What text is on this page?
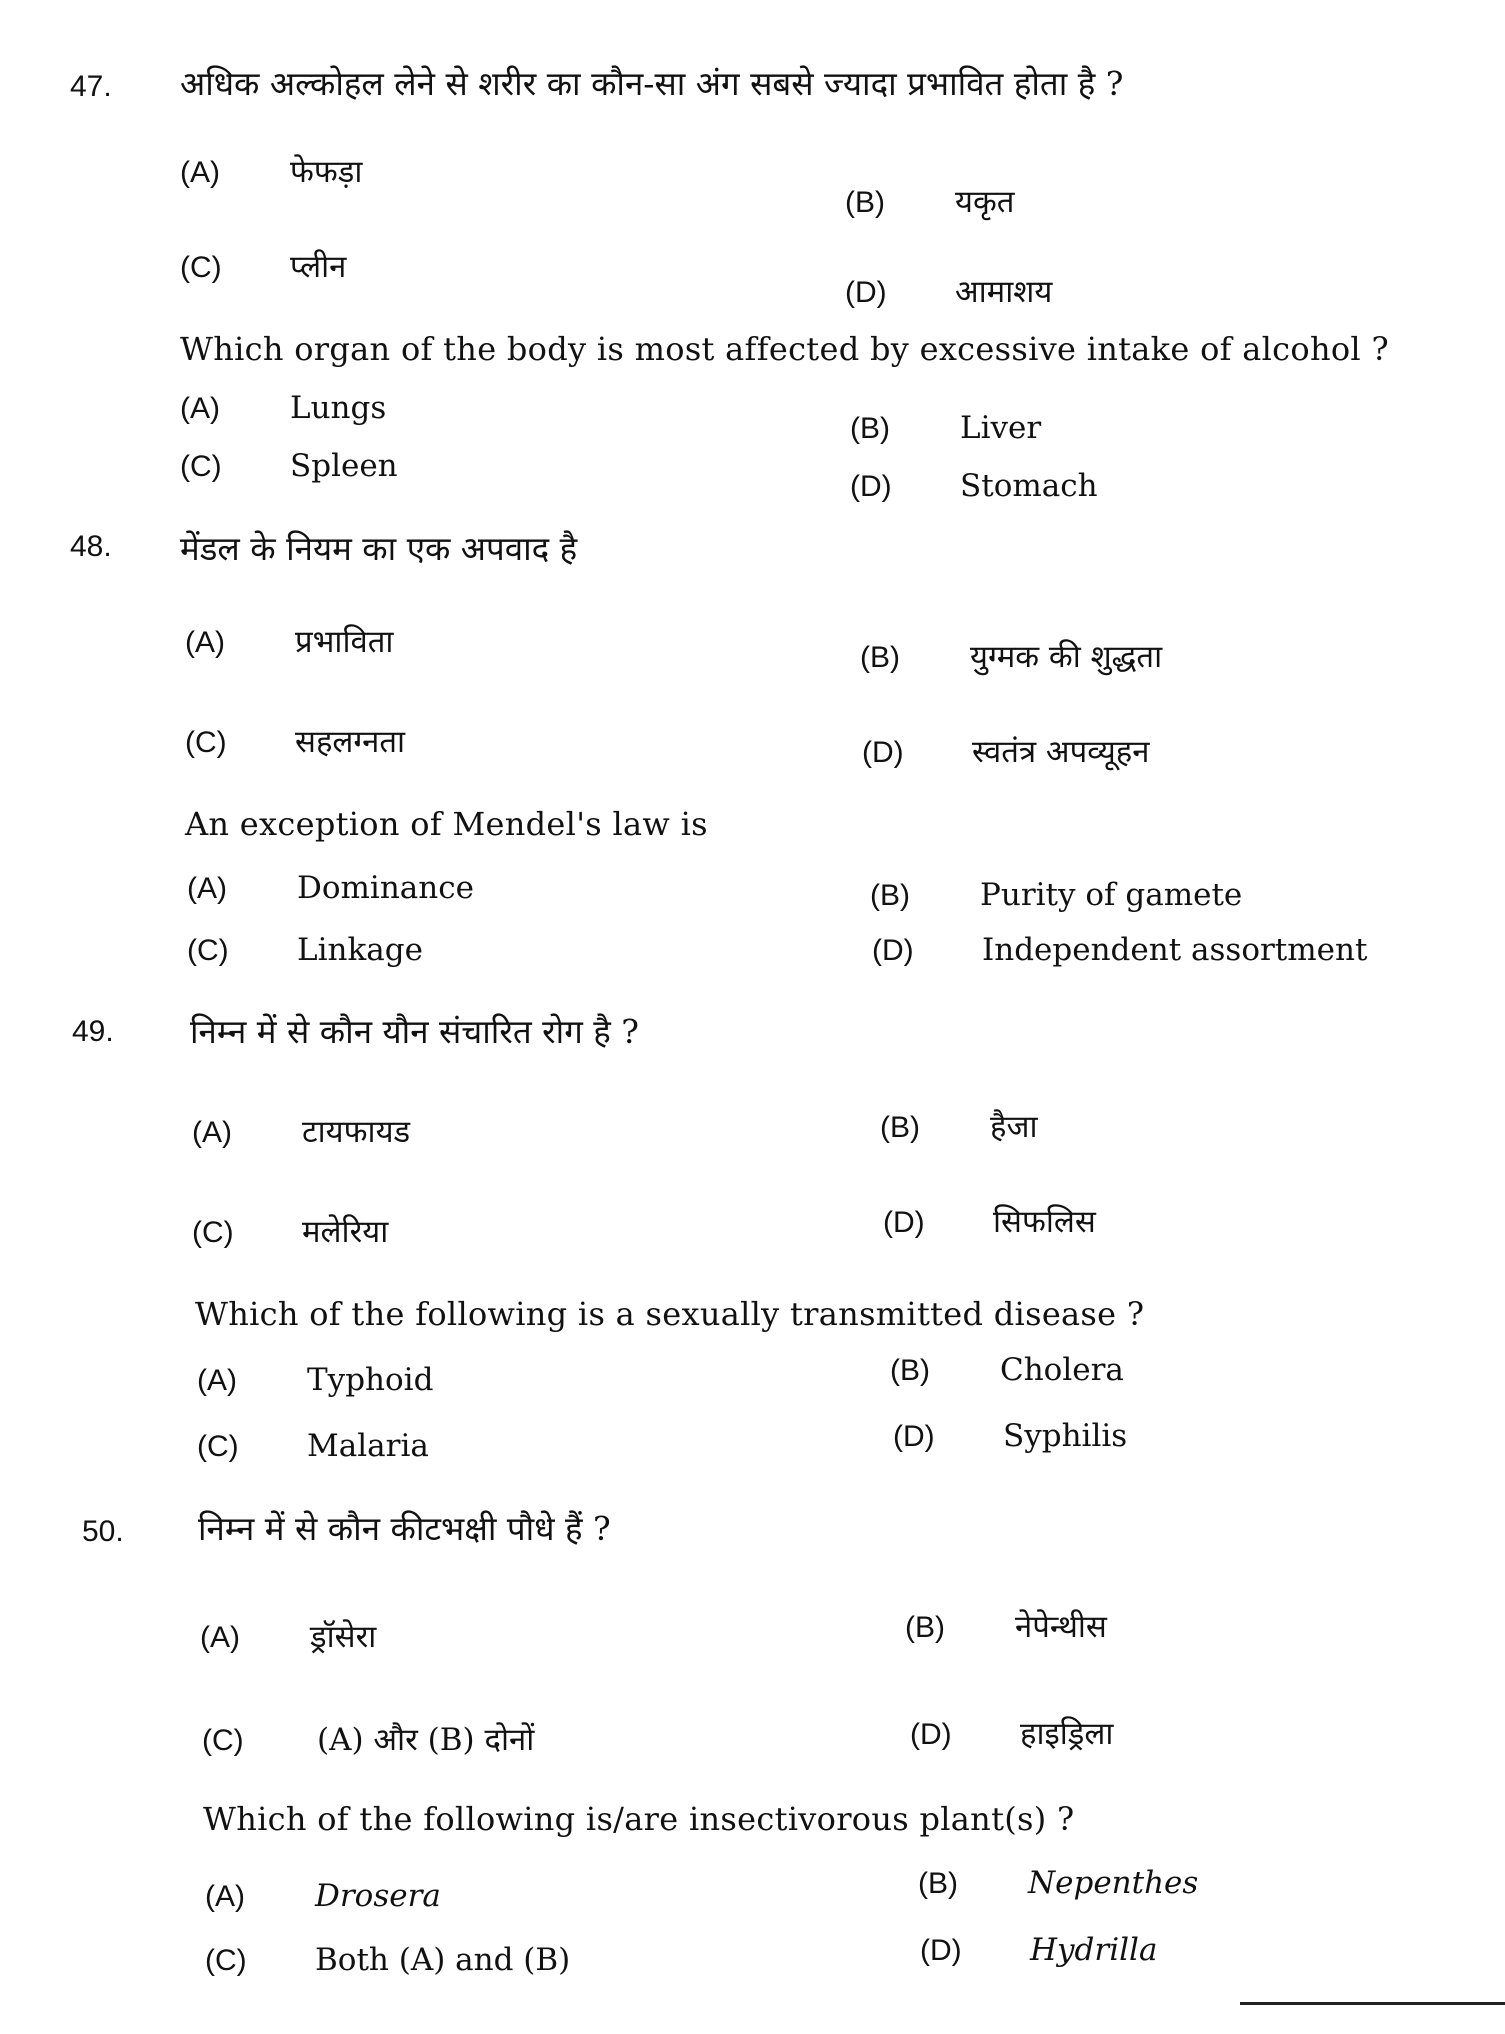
47. अधिक अल्कोहल लेने से शरीर का कौन-सा अंग सबसे ज्यादा प्रभावित होता है ?
(A) फेफड़ा
(B) यकृत
(C) प्लीन
(D) आमाशय
Which organ of the body is most affected by excessive intake of alcohol ?
(A) Lungs
(B) Liver
(C) Spleen
(D) Stomach
48. मेंडल के नियम का एक अपवाद है
(A) प्रभाविता	(B) युग्मक की शुद्धता
(C) सहलग्नता	(D) स्वतंत्र अपव्यूहन
An exception of Mendel's law is
(A) Dominance	(B) Purity of gamete
(C) Linkage	(D) Independent assortment
49. निम्न में से कौन यौन संचारित रोग है ?
(A) टायफायड	(B) हैजा
(C) मलेरिया	(D) सिफलिस
Which of the following is a sexually transmitted disease ?
(A) Typhoid	(B) Cholera
(C) Malaria	(D) Syphilis
50. निम्न में से कौन कीटभक्षी पौधे हैं ?
(A) ड्रॉसेरा	(B) नेपेन्थीस
(C) (A) और (B) दोनों	(D) हाइड्रिला
Which of the following is/are insectivorous plant(s) ?
(A) Drosera	(B) Nepenthes
(C) Both (A) and (B)	(D) Hydrilla
